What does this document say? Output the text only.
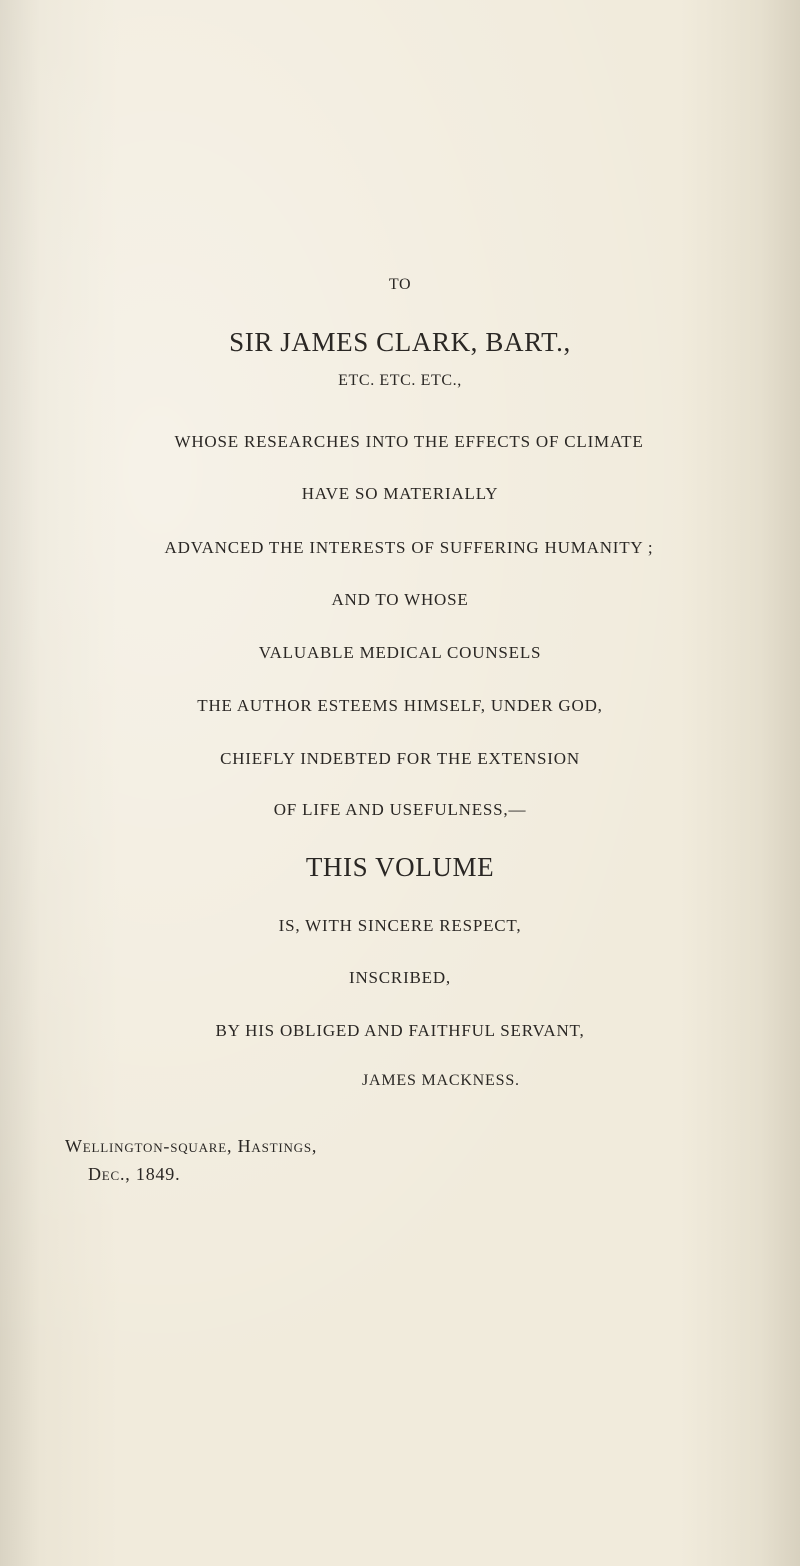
TO
SIR JAMES CLARK, BART.,
ETC. ETC. ETC.,
WHOSE RESEARCHES INTO THE EFFECTS OF CLIMATE
HAVE SO MATERIALLY
ADVANCED THE INTERESTS OF SUFFERING HUMANITY ;
AND TO WHOSE
VALUABLE MEDICAL COUNSELS
THE AUTHOR ESTEEMS HIMSELF, UNDER GOD,
CHIEFLY INDEBTED FOR THE EXTENSION
OF LIFE AND USEFULNESS,—
THIS VOLUME
IS, WITH SINCERE RESPECT,
INSCRIBED,
BY HIS OBLIGED AND FAITHFUL SERVANT,
JAMES MACKNESS.
Wellington-square, Hastings,
Dec., 1849.
